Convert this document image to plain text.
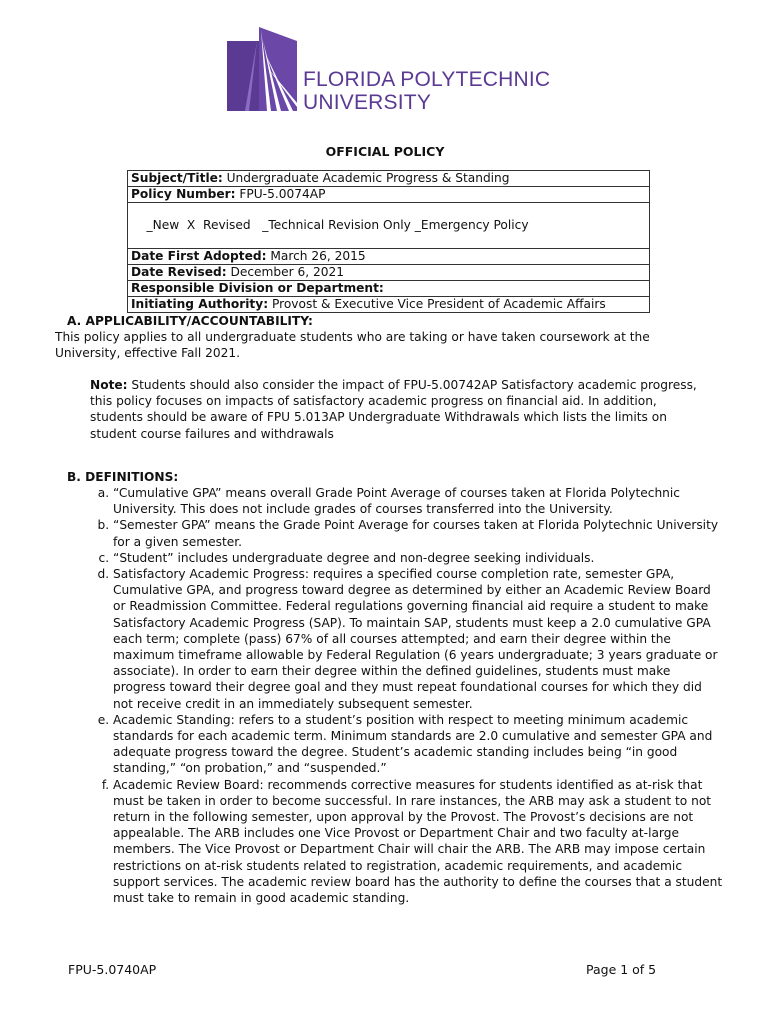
FLORIDA POLYTECHNIC
UNIVERSITY
OFFICIAL POLICY
Subject/Title: Undergraduate Academic Progress & Standing
Policy Number: FPU-5.0074AP

_New  X  Revised   _Technical Revision Only _Emergency Policy

Date First Adopted: March 26, 2015
Date Revised: December 6, 2021
Responsible Division or Department:
Initiating Authority: Provost & Executive Vice President of Academic Affairs
A. APPLICABILITY/ACCOUNTABILITY:
This policy applies to all undergraduate students who are taking or have taken coursework at the University, effective Fall 2021.
Note: Students should also consider the impact of FPU-5.00742AP Satisfactory academic progress, this policy focuses on impacts of satisfactory academic progress on financial aid. In addition, students should be aware of FPU 5.013AP Undergraduate Withdrawals which lists the limits on student course failures and withdrawals
B. DEFINITIONS:
a. “Cumulative GPA” means overall Grade Point Average of courses taken at Florida Polytechnic University. This does not include grades of courses transferred into the University.
b. “Semester GPA” means the Grade Point Average for courses taken at Florida Polytechnic University for a given semester.
c. “Student” includes undergraduate degree and non-degree seeking individuals.
d. Satisfactory Academic Progress: requires a specified course completion rate, semester GPA, Cumulative GPA, and progress toward degree as determined by either an Academic Review Board or Readmission Committee. Federal regulations governing financial aid require a student to make Satisfactory Academic Progress (SAP). To maintain SAP, students must keep a 2.0 cumulative GPA each term; complete (pass) 67% of all courses attempted; and earn their degree within the maximum timeframe allowable by Federal Regulation (6 years undergraduate; 3 years graduate or associate). In order to earn their degree within the defined guidelines, students must make progress toward their degree goal and they must repeat foundational courses for which they did not receive credit in an immediately subsequent semester.
e. Academic Standing: refers to a student’s position with respect to meeting minimum academic standards for each academic term. Minimum standards are 2.0 cumulative and semester GPA and adequate progress toward the degree. Student’s academic standing includes being “in good standing,” “on probation,” and “suspended.”
f. Academic Review Board: recommends corrective measures for students identified as at-risk that must be taken in order to become successful. In rare instances, the ARB may ask a student to not return in the following semester, upon approval by the Provost. The Provost’s decisions are not appealable. The ARB includes one Vice Provost or Department Chair and two faculty at-large members. The Vice Provost or Department Chair will chair the ARB. The ARB may impose certain restrictions on at-risk students related to registration, academic requirements, and academic support services. The academic review board has the authority to define the courses that a student must take to remain in good academic standing.
FPU-5.0740AP	Page 1 of 5
